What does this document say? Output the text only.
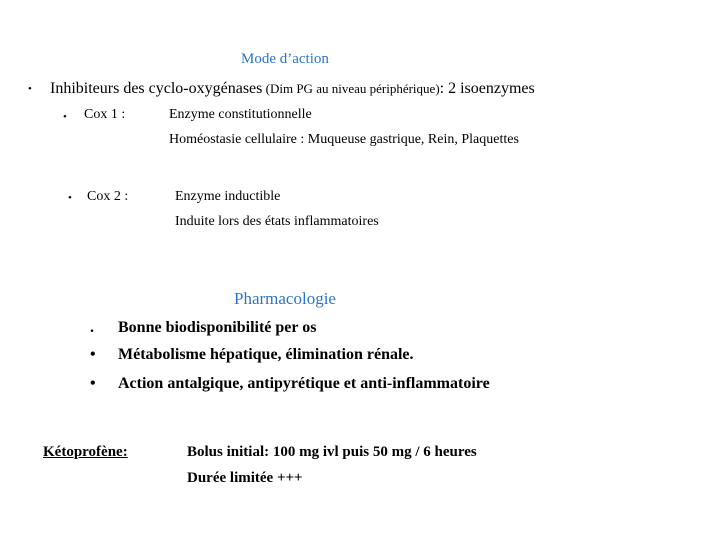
Mode d’action
• Inhibiteurs des cyclo-oxygénases (Dim PG au niveau périphérique): 2 isoenzymes
• Cox 1 :	Enzyme constitutionnelle
Homéostasie cellulaire : Muqueuse gastrique, Rein, Plaquettes
• Cox 2 :	Enzyme inductible
Induite lors des états inflammatoires
Pharmacologie
. Bonne biodisponibilité per os
• Métabolisme hépatique, élimination rénale.
• Action antalgique, antipyrétique et anti-inflammatoire
Kétoprofène:	Bolus initial: 100 mg ivl puis 50 mg / 6 heures
Durée limitée +++
